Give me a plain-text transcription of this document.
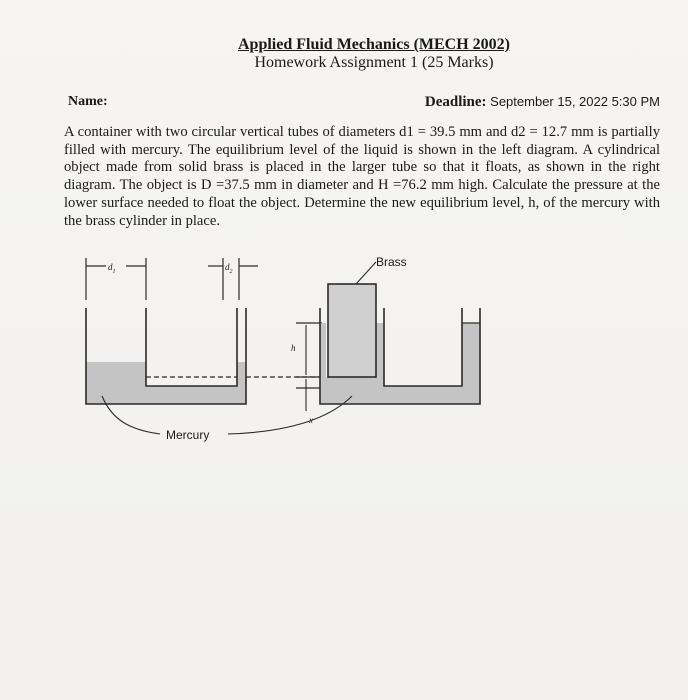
Applied Fluid Mechanics (MECH 2002)
Homework Assignment 1 (25 Marks)
Name:	Deadline: September 15, 2022 5:30 PM
A container with two circular vertical tubes of diameters d1 = 39.5 mm and d2 = 12.7 mm is partially filled with mercury. The equilibrium level of the liquid is shown in the left diagram. A cylindrical object made from solid brass is placed in the larger tube so that it floats, as shown in the right diagram. The object is D =37.5 mm in diameter and H =76.2 mm high. Calculate the pressure at the lower surface needed to float the object. Determine the new equilibrium level, h, of the mercury with the brass cylinder in place.
$d_1$	$d_2$
h
x
Brass
Mercury
